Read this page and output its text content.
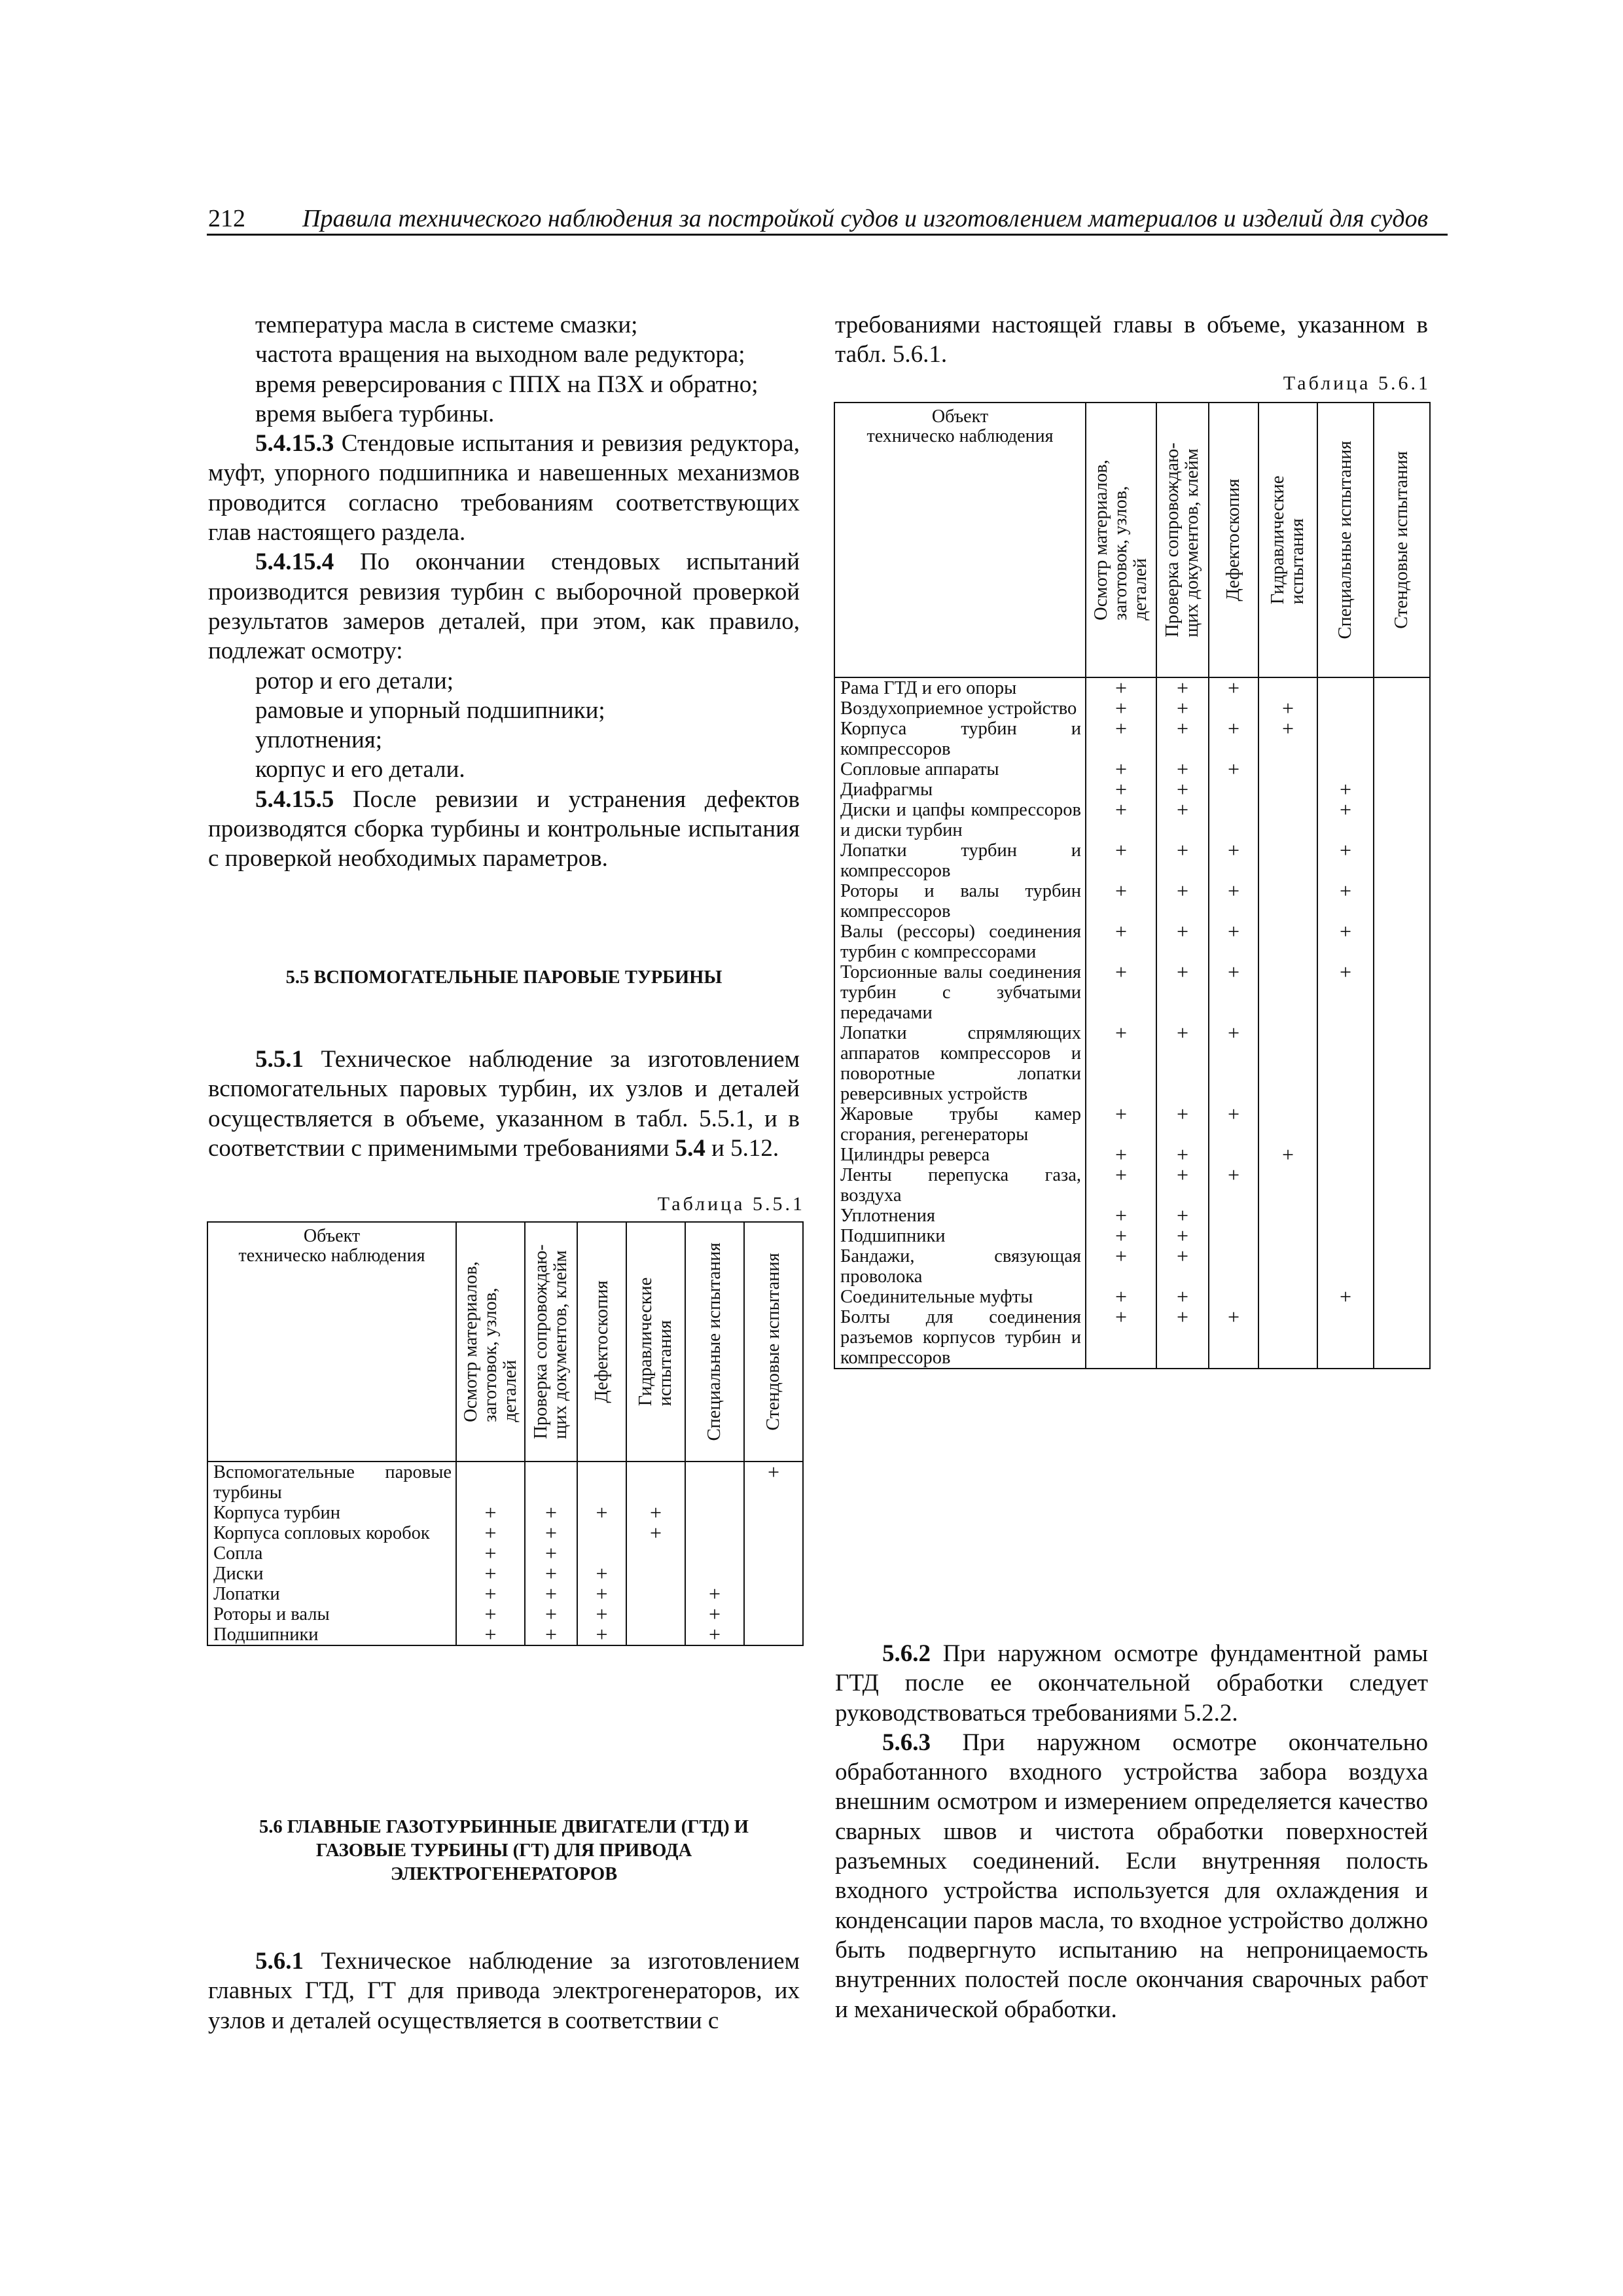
212 Правила технического наблюдения за постройкой судов и изготовлением материалов и изделий для судов

температура масла в системе смазки;

частота вращения на выходном вале редуктора;

время реверсирования с ППХ на ПЗХ и обратно;

время выбега турбины.

5.4.15.3 Стендовые испытания и ревизия редуктора, муфт, упорного подшипника и навешенных механизмов проводится согласно требованиям соответствующих глав настоящего раздела.

5.4.15.4 По окончании стендовых испытаний производится ревизия турбин с выборочной проверкой результатов замеров деталей, при этом, как правило, подлежат осмотру:

ротор и его детали;

рамовые и упорный подшипники;

уплотнения;

корпус и его детали.

5.4.15.5 После ревизии и устранения дефектов производятся сборка турбины и контрольные испытания с проверкой необходимых параметров.

5.5 ВСПОМОГАТЕЛЬНЫЕ ПАРОВЫЕ ТУРБИНЫ

5.5.1 Техническое наблюдение за изготовлением вспомогательных паровых турбин, их узлов и деталей осуществляется в объеме, указанном в табл. 5.5.1, и в соответствии с применимыми требованиями 5.4 и 5.12.

Таблица 5.5.1
Объект
техническо наблюдения	Осмотр материалов,
заготовок, узлов,
деталей	Проверка сопровождаю-
щих документов, клейм	Дефектоскопия	Гидравлические
испытания	Специальные испытания	Стендовые испытания

Вспомогательные паровые турбины						+
Корпуса турбин	+	+	+	+		
Корпуса сопловых коробок	+	+		+		
Сопла	+	+				
Диски	+	+	+			
Лопатки	+	+	+		+	
Роторы и валы	+	+	+		+	
Подшипники	+	+	+		+	
5.6 ГЛАВНЫЕ ГАЗОТУРБИННЫЕ ДВИГАТЕЛИ (ГТД) И ГАЗОВЫЕ ТУРБИНЫ (ГТ) ДЛЯ ПРИВОДА ЭЛЕКТРОГЕНЕРАТОРОВ

5.6.1 Техническое наблюдение за изготовлением главных ГТД, ГТ для привода электрогенераторов, их узлов и деталей осуществляется в соответствии с

требованиями настоящей главы в объеме, указанном в табл. 5.6.1.

Таблица 5.6.1
Объект
техническо наблюдения	Осмотр материалов,
заготовок, узлов,
деталей	Проверка сопровождаю-
щих документов, клейм	Дефектоскопия	Гидравлические
испытания	Специальные испытания	Стендовые испытания

Рама ГТД и его опоры	+	+	+			
Воздухоприемное устройство	+	+		+		
Корпуса турбин и компрессоров	+	+	+	+		
Сопловые аппараты	+	+	+			
Диафрагмы	+	+			+	
Диски и цапфы компрессоров и диски турбин	+	+			+	
Лопатки турбин и компрессоров	+	+	+		+	
Роторы и валы турбин компрессоров	+	+	+		+	
Валы (рессоры) соединения турбин с компрессорами	+	+	+		+	
Торсионные валы соединения турбин с зубчатыми передачами	+	+	+		+	
Лопатки спрямляющих аппаратов компрессоров и поворотные лопатки реверсивных устройств	+	+	+			
Жаровые трубы камер сгорания, регенераторы	+	+	+			
Цилиндры реверса	+	+		+		
Ленты перепуска газа, воздуха	+	+	+			
Уплотнения	+	+				
Подшипники	+	+				
Бандажи, связующая проволока	+	+				
Соединительные муфты	+	+			+	
Болты для соединения разъемов корпусов турбин и компрессоров	+	+	+			

5.6.2 При наружном осмотре фундаментной рамы ГТД после ее окончательной обработки следует руководствоваться требованиями 5.2.2.

5.6.3 При наружном осмотре окончательно обработанного входного устройства забора воздуха внешним осмотром и измерением определяется качество сварных швов и чистота обработки поверхностей разъемных соединений. Если внутренняя полость входного устройства используется для охлаждения и конденсации паров масла, то входное устройство должно быть подвергнуто испытанию на непроницаемость внутренних полостей после окончания сварочных работ и механической обработки.
